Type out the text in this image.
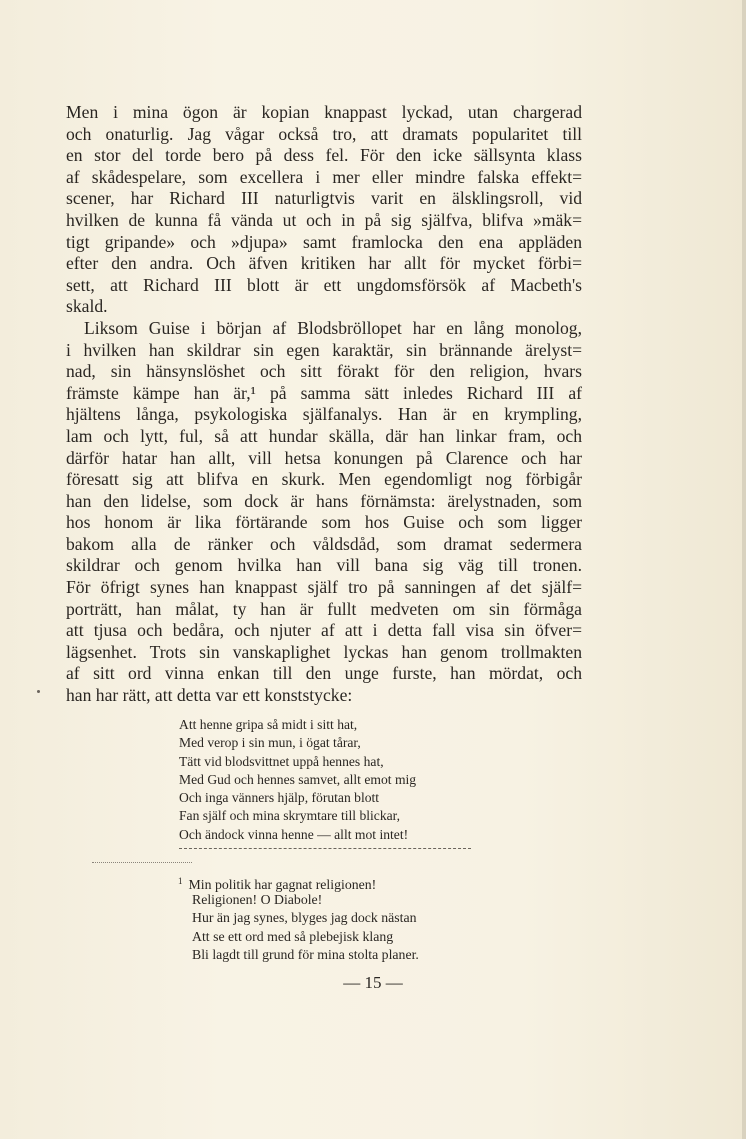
Men i mina ögon är kopian knappast lyckad, utan chargerad
och onaturlig. Jag vågar också tro, att dramats popularitet till
en stor del torde bero på dess fel. För den icke sällsynta klass
af skådespelare, som excellera i mer eller mindre falska effekt=
scener, har Richard III naturligtvis varit en älsklingsroll, vid
hvilken de kunna få vända ut och in på sig själfva, blifva »mäk=
tigt gripande» och »djupa» samt framlocka den ena appläden
efter den andra. Och äfven kritiken har allt för mycket förbi=
sett, att Richard III blott är ett ungdomsförsök af Macbeth's
skald.
Liksom Guise i början af Blodsbröllopet har en lång monolog,
i hvilken han skildrar sin egen karaktär, sin brännande ärelyst=
nad, sin hänsynslöshet och sitt förakt för den religion, hvars
främste kämpe han är,¹ på samma sätt inledes Richard III af
hjältens långa, psykologiska själfanalys. Han är en krympling,
lam och lytt, ful, så att hundar skälla, där han linkar fram, och
därför hatar han allt, vill hetsa konungen på Clarence och har
föresatt sig att blifva en skurk. Men egendomligt nog förbigår
han den lidelse, som dock är hans förnämsta: ärelystnaden, som
hos honom är lika förtärande som hos Guise och som ligger
bakom alla de ränker och våldsdåd, som dramat sedermera
skildrar och genom hvilka han vill bana sig väg till tronen.
För öfrigt synes han knappast själf tro på sanningen af det själf=
porträtt, han målat, ty han är fullt medveten om sin förmåga
att tjusa och bedåra, och njuter af att i detta fall visa sin öfver=
lägsenhet. Trots sin vanskaplighet lyckas han genom trollmakten
af sitt ord vinna enkan till den unge furste, han mördat, och
han har rätt, att detta var ett konststycke:
Att henne gripa så midt i sitt hat,
Med verop i sin mun, i ögat tårar,
Tätt vid blodsvittnet uppå hennes hat,
Med Gud och hennes samvet, allt emot mig
Och inga vänners hjälp, förutan blott
Fan själf och mina skrymtare till blickar,
Och ändock vinna henne — allt mot intet!
$^1$ Min politik har gagnat religionen!
Religionen! O Diabole!
Hur än jag synes, blyges jag dock nästan
Att se ett ord med så plebejisk klang
Bli lagdt till grund för mina stolta planer.
— 15 —
